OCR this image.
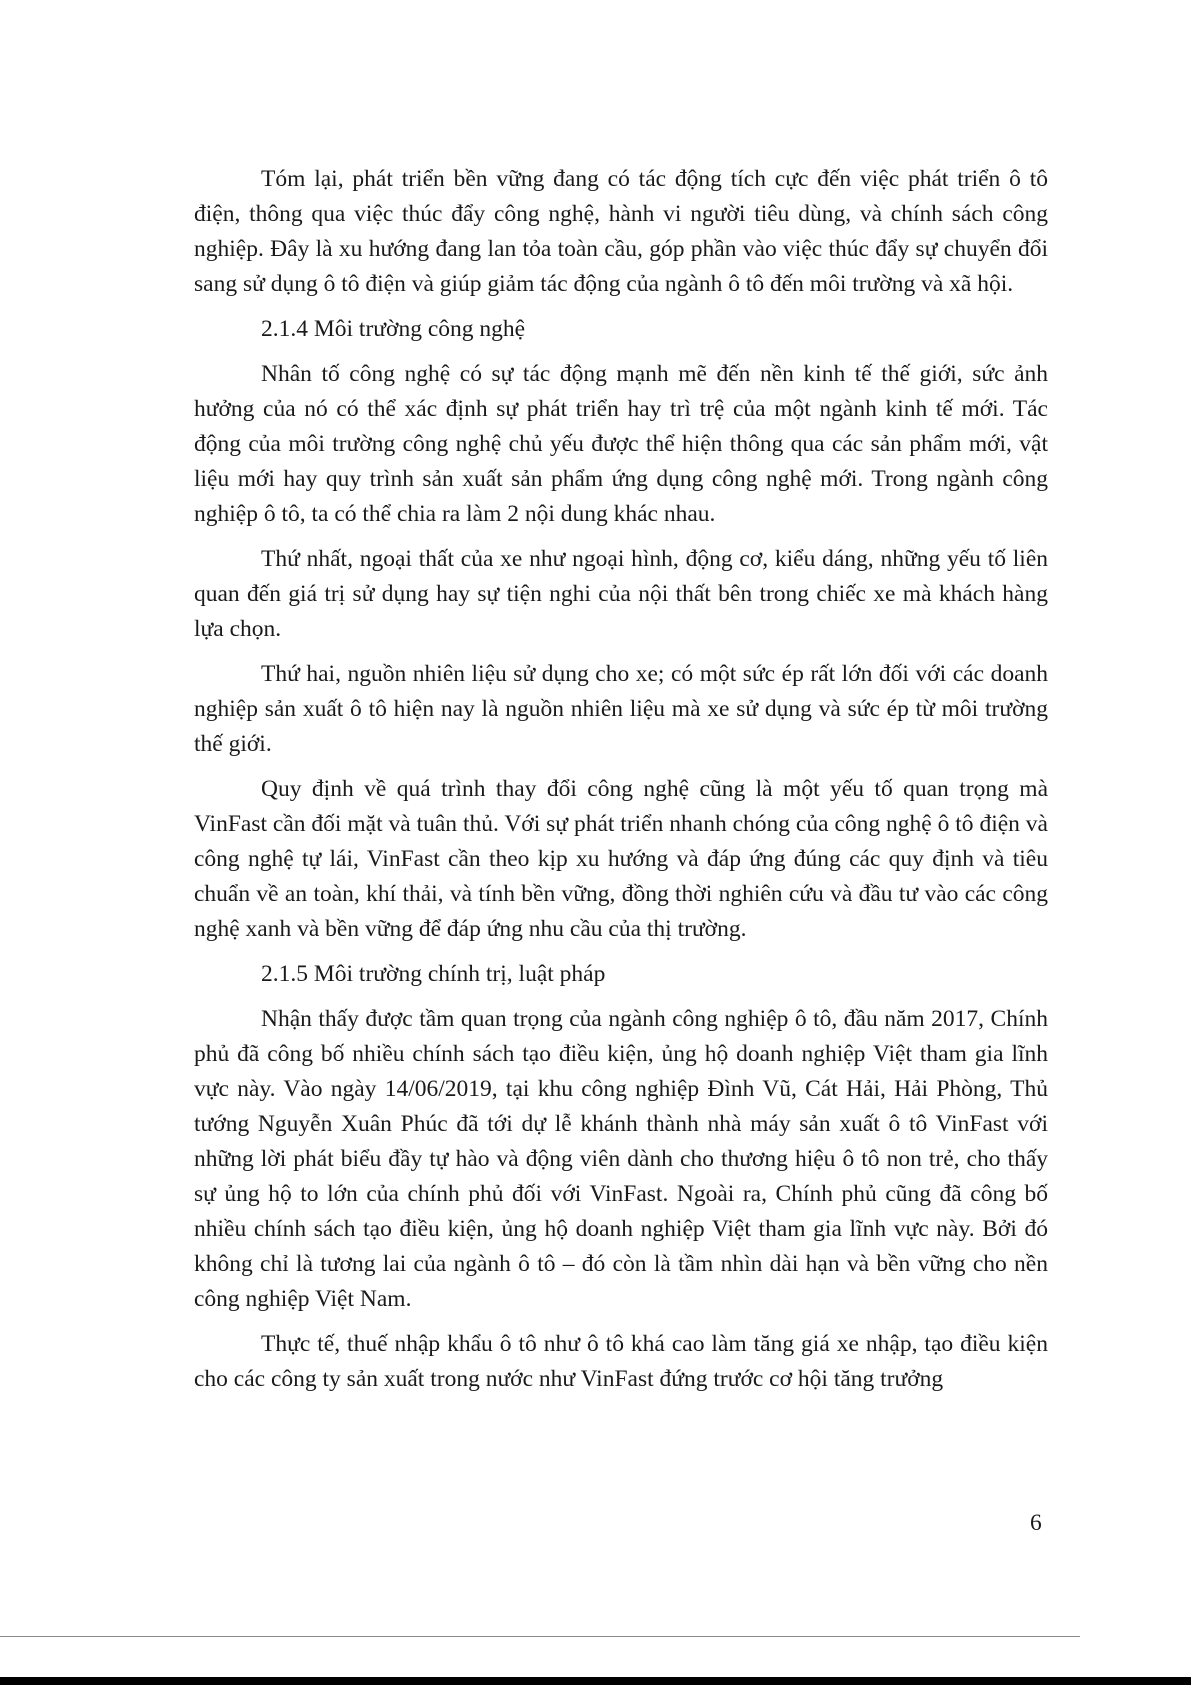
Tóm lại, phát triển bền vững đang có tác động tích cực đến việc phát triển ô tô điện, thông qua việc thúc đẩy công nghệ, hành vi người tiêu dùng, và chính sách công nghiệp. Đây là xu hướng đang lan tỏa toàn cầu, góp phần vào việc thúc đẩy sự chuyển đổi sang sử dụng ô tô điện và giúp giảm tác động của ngành ô tô đến môi trường và xã hội.

2.1.4 Môi trường công nghệ

Nhân tố công nghệ có sự tác động mạnh mẽ đến nền kinh tế thế giới, sức ảnh hưởng của nó có thể xác định sự phát triển hay trì trệ của một ngành kinh tế mới. Tác động của môi trường công nghệ chủ yếu được thể hiện thông qua các sản phẩm mới, vật liệu mới hay quy trình sản xuất sản phẩm ứng dụng công nghệ mới. Trong ngành công nghiệp ô tô, ta có thể chia ra làm 2 nội dung khác nhau.

Thứ nhất, ngoại thất của xe như ngoại hình, động cơ, kiểu dáng, những yếu tố liên quan đến giá trị sử dụng hay sự tiện nghi của nội thất bên trong chiếc xe mà khách hàng lựa chọn.

Thứ hai, nguồn nhiên liệu sử dụng cho xe; có một sức ép rất lớn đối với các doanh nghiệp sản xuất ô tô hiện nay là nguồn nhiên liệu mà xe sử dụng và sức ép từ môi trường thế giới.

Quy định về quá trình thay đổi công nghệ cũng là một yếu tố quan trọng mà VinFast cần đối mặt và tuân thủ. Với sự phát triển nhanh chóng của công nghệ ô tô điện và công nghệ tự lái, VinFast cần theo kịp xu hướng và đáp ứng đúng các quy định và tiêu chuẩn về an toàn, khí thải, và tính bền vững, đồng thời nghiên cứu và đầu tư vào các công nghệ xanh và bền vững để đáp ứng nhu cầu của thị trường.

2.1.5 Môi trường chính trị, luật pháp

Nhận thấy được tầm quan trọng của ngành công nghiệp ô tô, đầu năm 2017, Chính phủ đã công bố nhiều chính sách tạo điều kiện, ủng hộ doanh nghiệp Việt tham gia lĩnh vực này. Vào ngày 14/06/2019, tại khu công nghiệp Đình Vũ, Cát Hải, Hải Phòng, Thủ tướng Nguyễn Xuân Phúc đã tới dự lễ khánh thành nhà máy sản xuất ô tô VinFast với những lời phát biểu đầy tự hào và động viên dành cho thương hiệu ô tô non trẻ, cho thấy sự ủng hộ to lớn của chính phủ đối với VinFast. Ngoài ra, Chính phủ cũng đã công bố nhiều chính sách tạo điều kiện, ủng hộ doanh nghiệp Việt tham gia lĩnh vực này. Bởi đó không chỉ là tương lai của ngành ô tô – đó còn là tầm nhìn dài hạn và bền vững cho nền công nghiệp Việt Nam.

Thực tế, thuế nhập khẩu ô tô như ô tô khá cao làm tăng giá xe nhập, tạo điều kiện cho các công ty sản xuất trong nước như VinFast đứng trước cơ hội tăng trưởng

6
